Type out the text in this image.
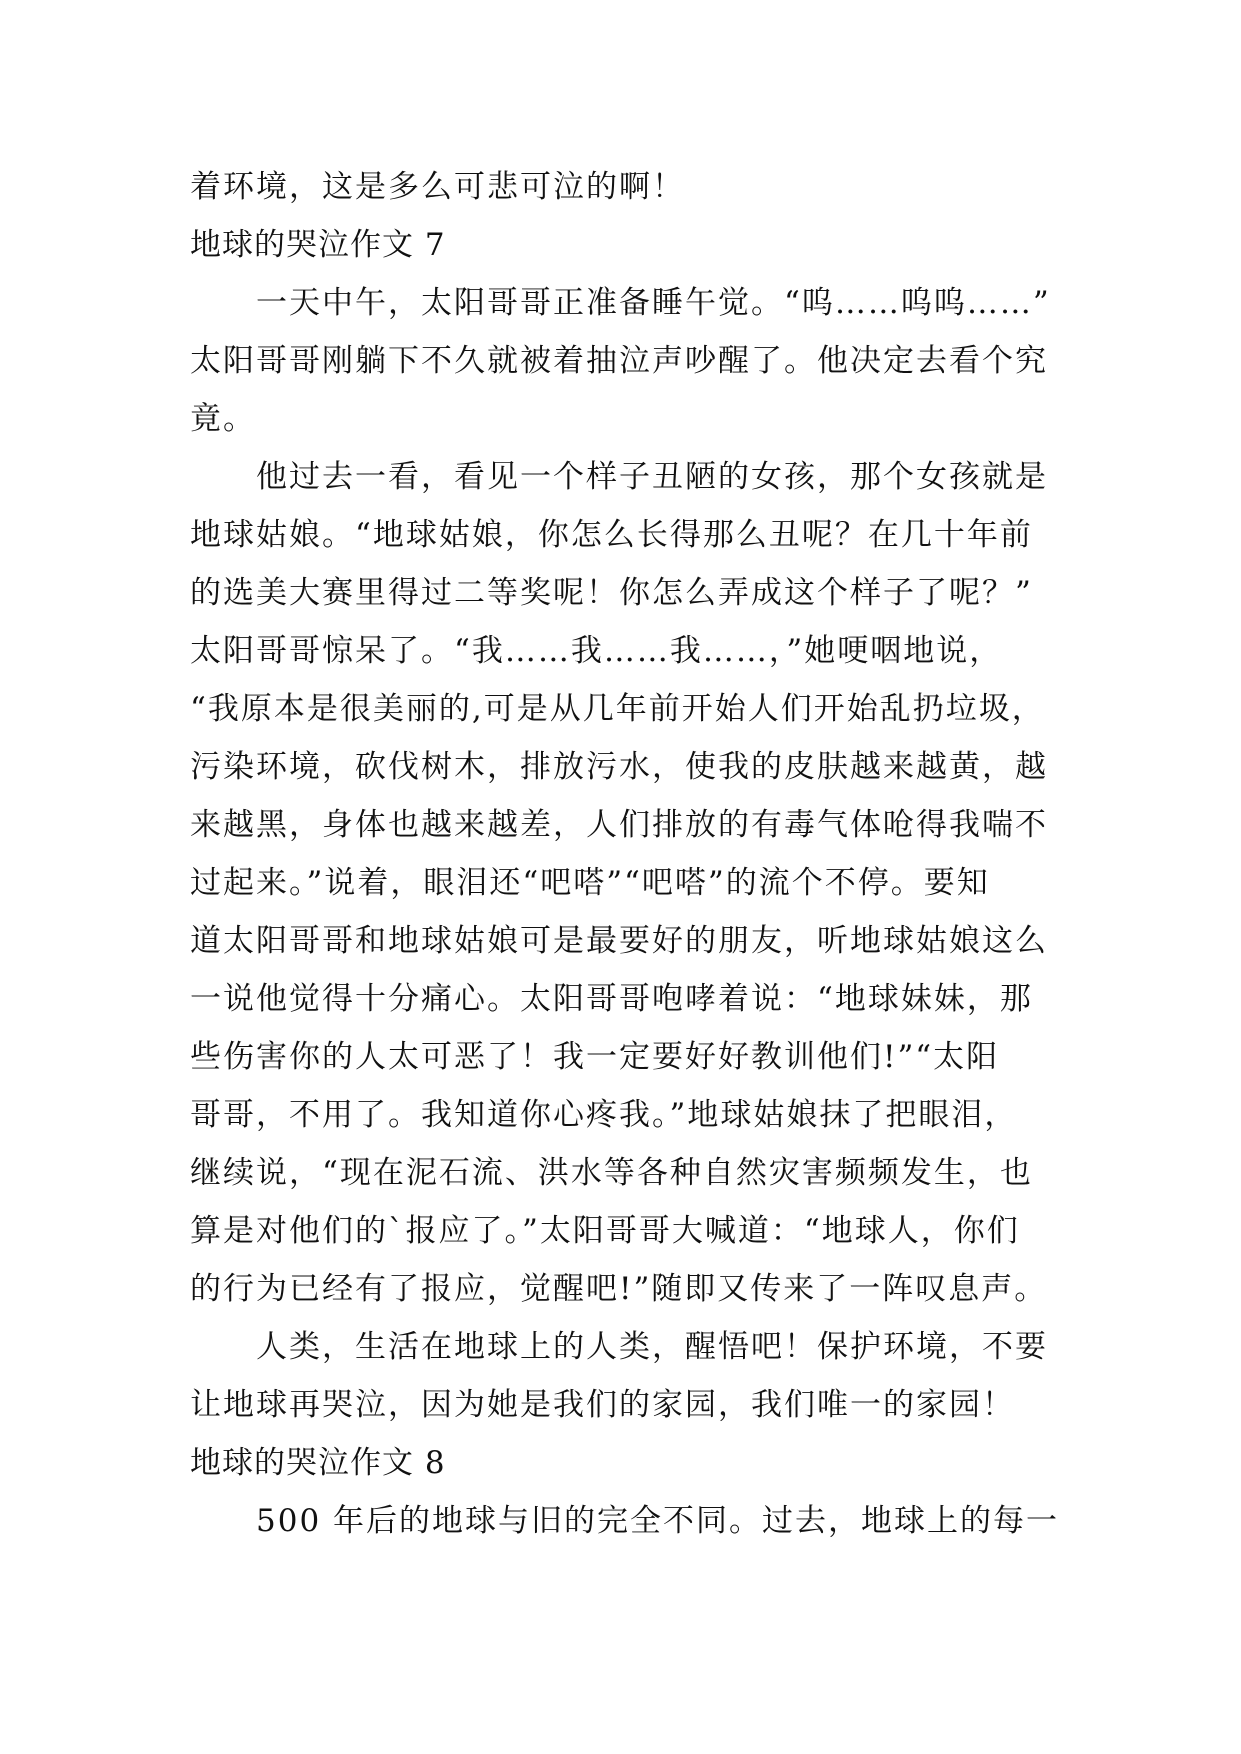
着环境，这是多么可悲可泣的啊！
地球的哭泣作文 7
一天中午，太阳哥哥正准备睡午觉。“呜……呜呜……”
太阳哥哥刚躺下不久就被着抽泣声吵醒了。他决定去看个究
竟。
他过去一看，看见一个样子丑陋的女孩，那个女孩就是
地球姑娘。“地球姑娘，你怎么长得那么丑呢？在几十年前
的选美大赛里得过二等奖呢！你怎么弄成这个样子了呢？”
太阳哥哥惊呆了。“我……我……我……，”她哽咽地说，
“我原本是很美丽的,可是从几年前开始人们开始乱扔垃圾，
污染环境，砍伐树木，排放污水，使我的皮肤越来越黄，越
来越黑，身体也越来越差，人们排放的有毒气体呛得我喘不
过起来。”说着，眼泪还“吧嗒”“吧嗒”的流个不停。要知
道太阳哥哥和地球姑娘可是最要好的朋友，听地球姑娘这么
一说他觉得十分痛心。太阳哥哥咆哮着说：“地球妹妹，那
些伤害你的人太可恶了！我一定要好好教训他们!”“太阳
哥哥，不用了。我知道你心疼我。”地球姑娘抹了把眼泪，
继续说，“现在泥石流、洪水等各种自然灾害频频发生，也
算是对他们的`报应了。”太阳哥哥大喊道：“地球人，你们
的行为已经有了报应，觉醒吧!”随即又传来了一阵叹息声。
人类，生活在地球上的人类，醒悟吧！保护环境，不要
让地球再哭泣，因为她是我们的家园，我们唯一的家园！
地球的哭泣作文 8
500 年后的地球与旧的完全不同。过去，地球上的每一
